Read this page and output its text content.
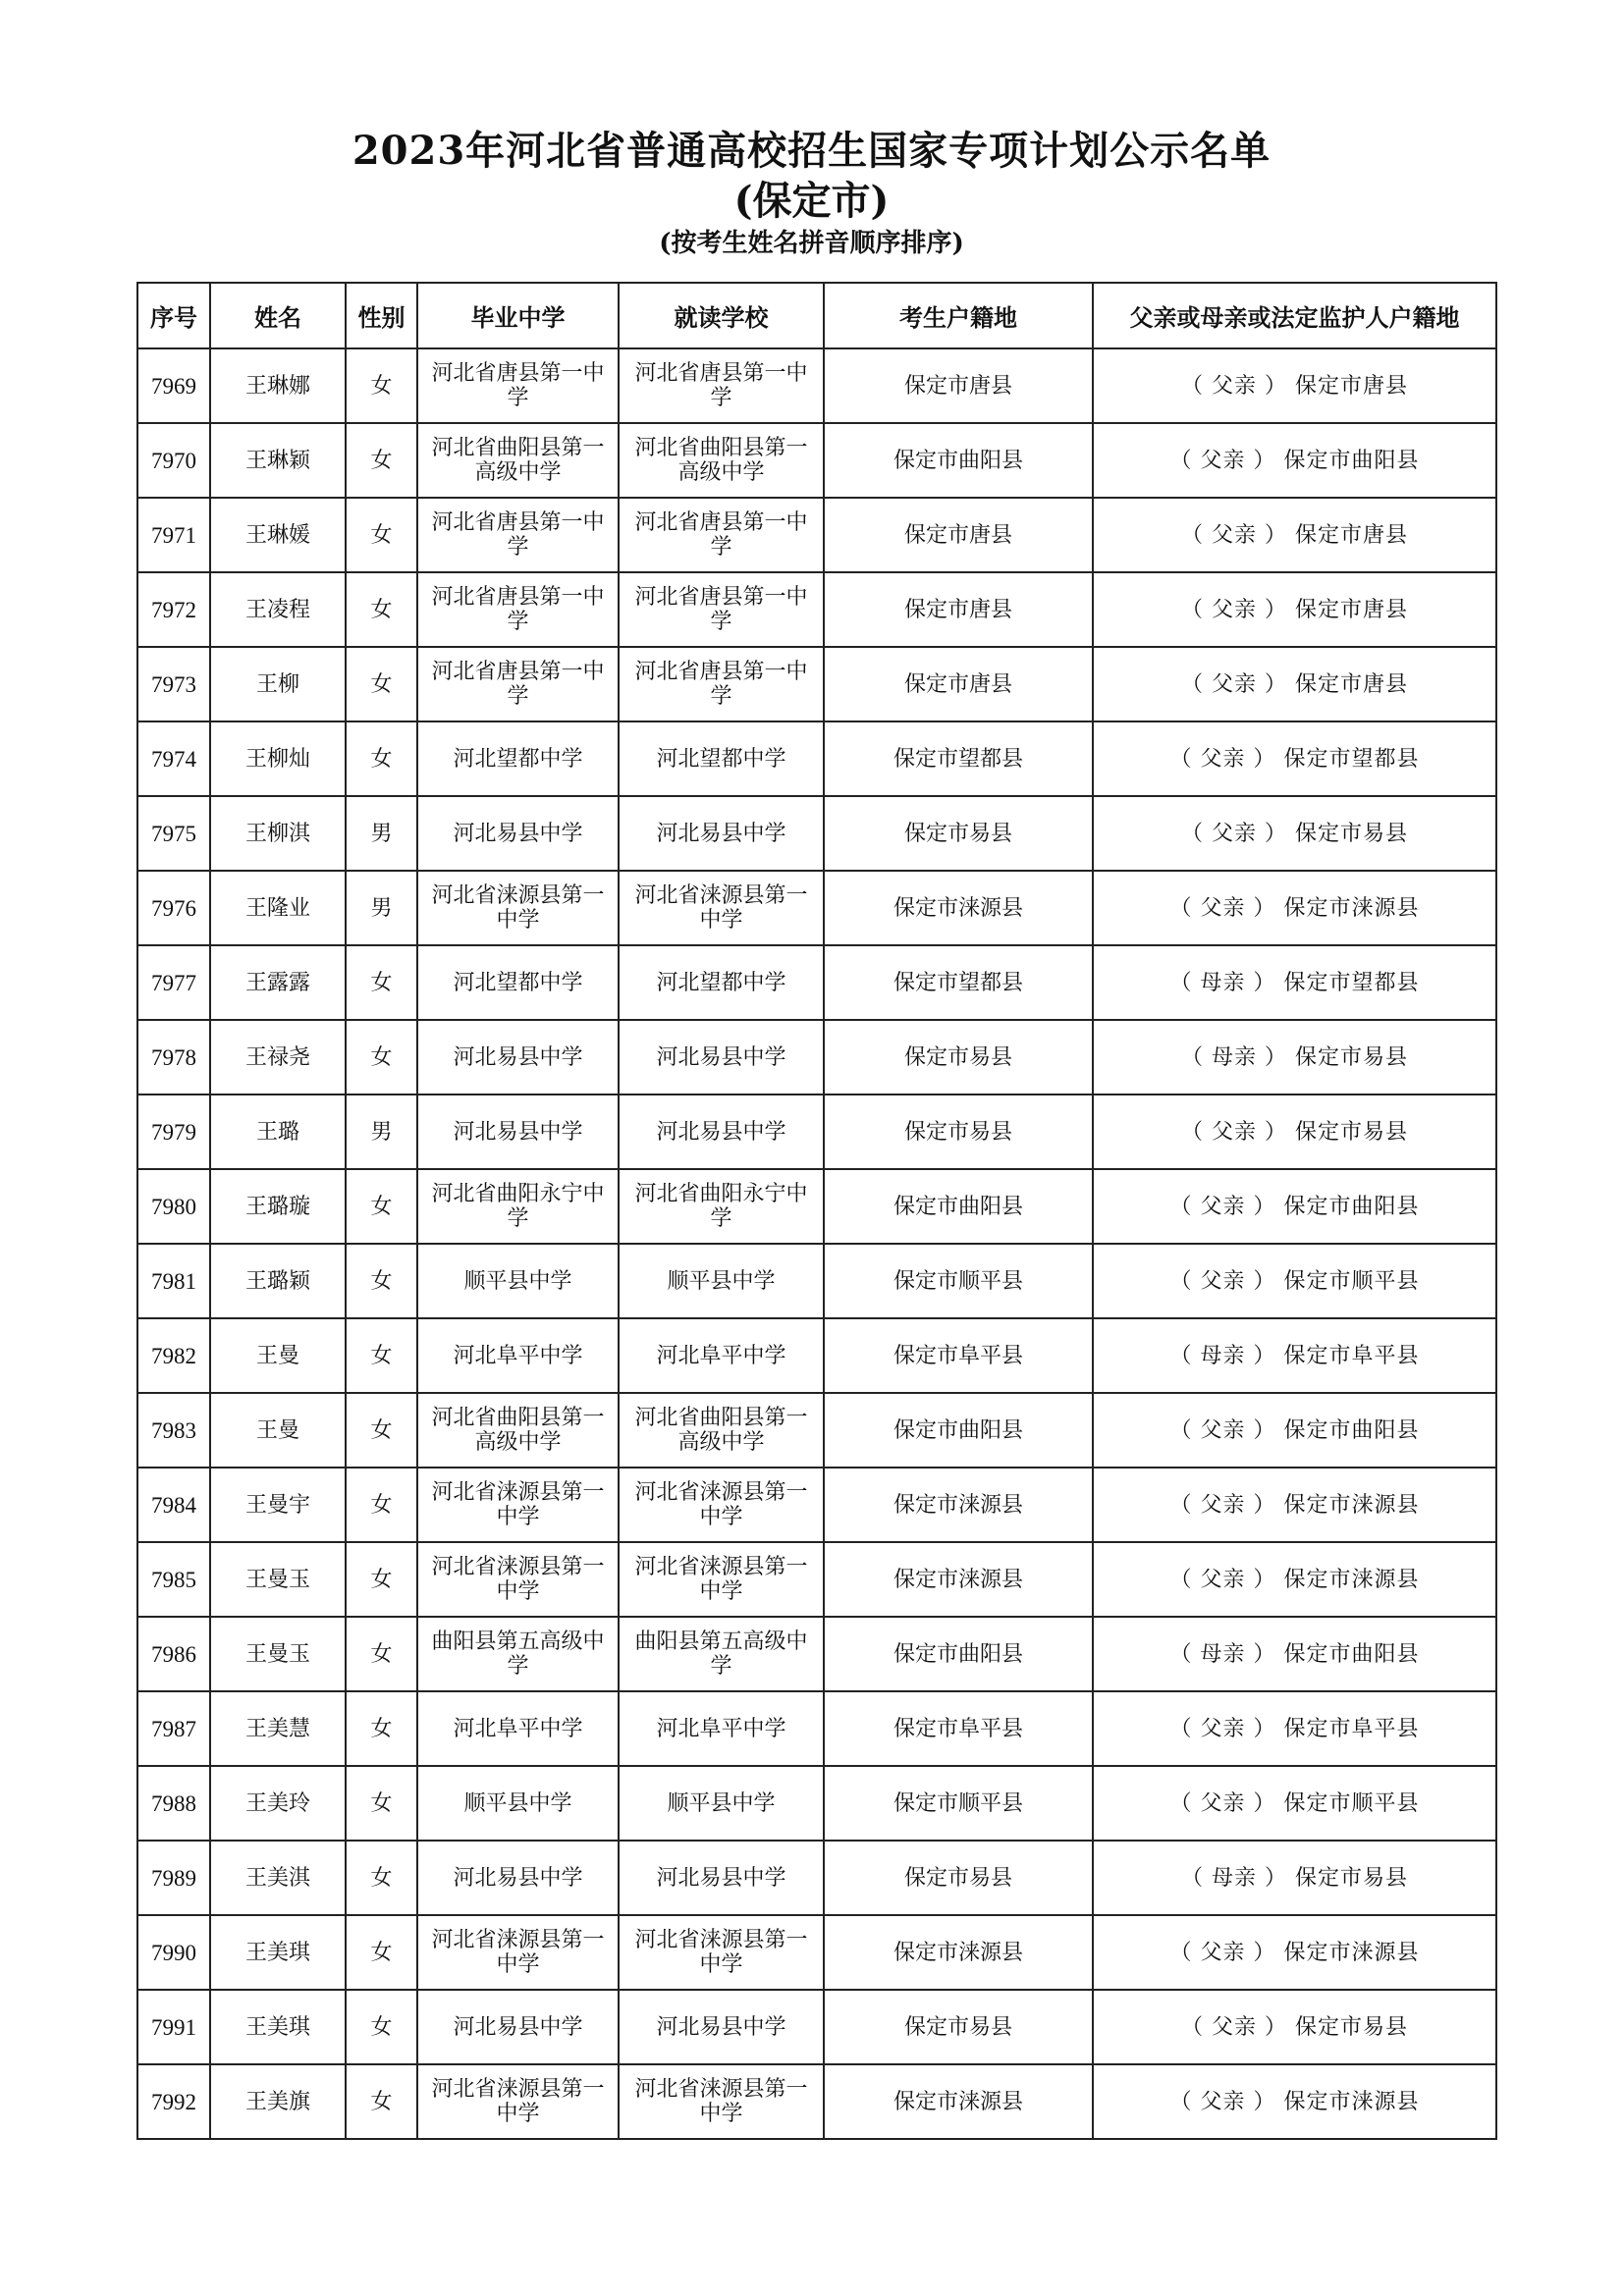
2023年河北省普通高校招生国家专项计划公示名单
(保定市)
(按考生姓名拼音顺序排序)
序号	姓名	性别	毕业中学	就读学校	考生户籍地	父亲或母亲或法定监护人户籍地
7969	王琳娜	女	河北省唐县第一中学	河北省唐县第一中学	保定市唐县	（ 父亲 ） 保定市唐县
7970	王琳颖	女	河北省曲阳县第一高级中学	河北省曲阳县第一高级中学	保定市曲阳县	（ 父亲 ） 保定市曲阳县
7971	王琳媛	女	河北省唐县第一中学	河北省唐县第一中学	保定市唐县	（ 父亲 ） 保定市唐县
7972	王凌程	女	河北省唐县第一中学	河北省唐县第一中学	保定市唐县	（ 父亲 ） 保定市唐县
7973	王柳	女	河北省唐县第一中学	河北省唐县第一中学	保定市唐县	（ 父亲 ） 保定市唐县
7974	王柳灿	女	河北望都中学	河北望都中学	保定市望都县	（ 父亲 ） 保定市望都县
7975	王柳淇	男	河北易县中学	河北易县中学	保定市易县	（ 父亲 ） 保定市易县
7976	王隆业	男	河北省涞源县第一中学	河北省涞源县第一中学	保定市涞源县	（ 父亲 ） 保定市涞源县
7977	王露露	女	河北望都中学	河北望都中学	保定市望都县	（ 母亲 ） 保定市望都县
7978	王禄尧	女	河北易县中学	河北易县中学	保定市易县	（ 母亲 ） 保定市易县
7979	王璐	男	河北易县中学	河北易县中学	保定市易县	（ 父亲 ） 保定市易县
7980	王璐璇	女	河北省曲阳永宁中学	河北省曲阳永宁中学	保定市曲阳县	（ 父亲 ） 保定市曲阳县
7981	王璐颖	女	顺平县中学	顺平县中学	保定市顺平县	（ 父亲 ） 保定市顺平县
7982	王曼	女	河北阜平中学	河北阜平中学	保定市阜平县	（ 母亲 ） 保定市阜平县
7983	王曼	女	河北省曲阳县第一高级中学	河北省曲阳县第一高级中学	保定市曲阳县	（ 父亲 ） 保定市曲阳县
7984	王曼宇	女	河北省涞源县第一中学	河北省涞源县第一中学	保定市涞源县	（ 父亲 ） 保定市涞源县
7985	王曼玉	女	河北省涞源县第一中学	河北省涞源县第一中学	保定市涞源县	（ 父亲 ） 保定市涞源县
7986	王曼玉	女	曲阳县第五高级中学	曲阳县第五高级中学	保定市曲阳县	（ 母亲 ） 保定市曲阳县
7987	王美慧	女	河北阜平中学	河北阜平中学	保定市阜平县	（ 父亲 ） 保定市阜平县
7988	王美玲	女	顺平县中学	顺平县中学	保定市顺平县	（ 父亲 ） 保定市顺平县
7989	王美淇	女	河北易县中学	河北易县中学	保定市易县	（ 母亲 ） 保定市易县
7990	王美琪	女	河北省涞源县第一中学	河北省涞源县第一中学	保定市涞源县	（ 父亲 ） 保定市涞源县
7991	王美琪	女	河北易县中学	河北易县中学	保定市易县	（ 父亲 ） 保定市易县
7992	王美旗	女	河北省涞源县第一中学	河北省涞源县第一中学	保定市涞源县	（ 父亲 ） 保定市涞源县
